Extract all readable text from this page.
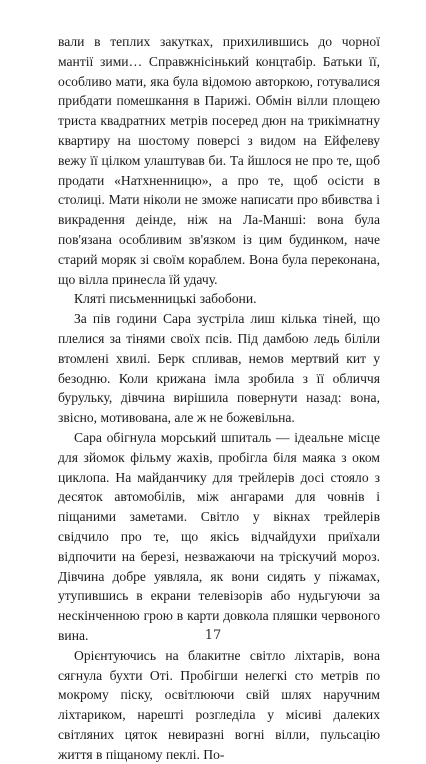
вали в теплих закутках, прихилившись до чорної мантії зими… Справжнісінький концтабір. Батьки її, особливо мати, яка була відомою авторкою, готувалися прибдати помешкання в Парижі. Обмін вілли площею триста квадратних метрів посеред дюн на трикімнатну квартиру на шостому поверсі з видом на Ейфелеву вежу її цілком улаштував би. Та йшлося не про те, щоб продати «Натхненницю», а про те, щоб осісти в столиці. Мати ніколи не зможе написати про вбивства і викрадення деінде, ніж на Ла-Манші: вона була пов'язана особливим зв'язком із цим будинком, наче старий моряк зі своїм кораблем. Вона була переконана, що вілла принесла їй удачу.

Кляті письменницькі забобони.

За пів години Сара зустріла лиш кілька тіней, що плелися за тінями своїх псів. Під дамбою ледь біліли втомлені хвилі. Берк спливав, немов мертвий кит у безодню. Коли крижана імла зробила з її обличчя бурульку, дівчина вирішила повернути назад: вона, звісно, мотивована, але ж не божевільна.

Сара обігнула морський шпиталь — ідеальне місце для зйомок фільму жахів, пробігла біля маяка з оком циклопа. На майданчику для трейлерів досі стояло з десяток автомобілів, між ангарами для човнів і піщаними заметами. Світло у вікнах трейлерів свідчило про те, що якісь відчайдухи приїхали відпочити на березі, незважаючи на тріскучий мороз. Дівчина добре уявляла, як вони сидять у піжамах, утупившись в екрани телевізорів або нудьгуючи за нескінченною грою в карти довкола пляшки червоного вина.

Орієнтуючись на блакитне світло ліхтарів, вона сягнула бухти Оті. Пробігши нелегкі сто метрів по мокрому піску, освітлюючи свій шлях наручним ліхтариком, нарешті розгледіла у місиві далеких світляних цяток невиразні вогні вілли, пульсацію життя в піщаному пеклі. По-

17
